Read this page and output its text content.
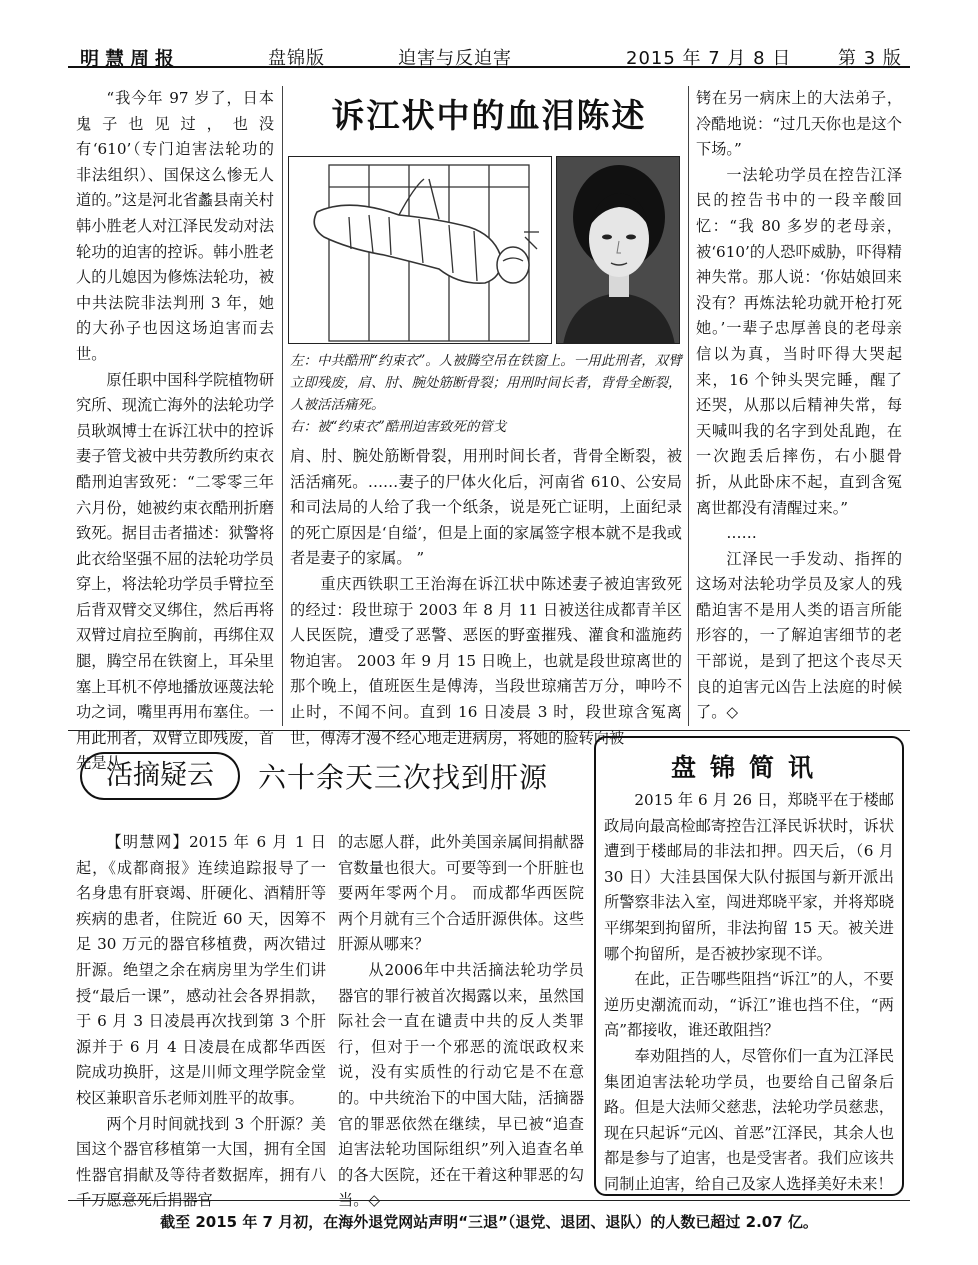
明慧周报	盘锦版	迫害与反迫害	2015 年 7 月 8 日	第 3 版

“我今年 97 岁了，日本鬼子也见过，也没有‘610’（专门迫害法轮功的非法组织）、国保这么惨无人道的。”这是河北省蠡县南关村韩小胜老人对江泽民发动对法轮功的迫害的控诉。韩小胜老人的儿媳因为修炼法轮功，被中共法院非法判刑 3 年，她的大孙子也因这场迫害而去世。

原任职中国科学院植物研究所、现流亡海外的法轮功学员耿飒博士在诉江状中的控诉妻子管戈被中共劳教所约束衣酷刑迫害致死：“二零零三年六月份，她被约束衣酷刑折磨致死。据目击者描述：狱警将此衣给坚强不屈的法轮功学员穿上，将法轮功学员手臂拉至后背双臂交叉绑住，然后再将双臂过肩拉至胸前，再绑住双腿，腾空吊在铁窗上，耳朵里塞上耳机不停地播放诬蔑法轮功之词，嘴里再用布塞住。一用此刑者，双臂立即残废，首先是从

诉江状中的血泪陈述

左：中共酷刑“约束衣”。人被腾空吊在铁窗上。一用此刑者，双臂立即残废，肩、肘、腕处筋断骨裂；用刑时间长者，背骨全断裂，人被活活痛死。

右：被“约束衣”酷刑迫害致死的管戈

肩、肘、腕处筋断骨裂，用刑时间长者，背骨全断裂，被活活痛死。……妻子的尸体火化后，河南省 610、公安局和司法局的人给了我一个纸条，说是死亡证明，上面纪录的死亡原因是‘自缢’，但是上面的家属签字根本就不是我或者是妻子的家属。 ”

重庆西铁职工王治海在诉江状中陈述妻子被迫害致死的经过：段世琼于 2003 年 8 月 11 日被送往成都青羊区人民医院，遭受了恶警、恶医的野蛮摧残、灌食和滥施药物迫害。 2003 年 9 月 15 日晚上，也就是段世琼离世的那个晚上，值班医生是傅涛，当段世琼痛苦万分，呻吟不止时，不闻不问。直到 16 日凌晨 3 时，段世琼含冤离世，傅涛才漫不经心地走进病房，将她的脸转向被

铐在另一病床上的大法弟子，冷酷地说：“过几天你也是这个下场。”

一法轮功学员在控告江泽民的控告书中的一段辛酸回忆：“我 80 多岁的老母亲，被‘610’的人恐吓威胁，吓得精神失常。那人说：‘你姑娘回来没有？再炼法轮功就开枪打死她。’一辈子忠厚善良的老母亲信以为真，当时吓得大哭起来，16 个钟头哭完睡，醒了还哭，从那以后精神失常，每天喊叫我的名字到处乱跑，在一次跑丢后摔伤，右小腿骨折，从此卧床不起，直到含冤离世都没有清醒过来。”

……

江泽民一手发动、指挥的这场对法轮功学员及家人的残酷迫害不是用人类的语言所能形容的，一了解迫害细节的老干部说，是到了把这个丧尽天良的迫害元凶告上法庭的时候了。◇

活摘疑云	六十余天三次找到肝源

【明慧网】2015 年 6 月 1 日起，《成都商报》连续追踪报导了一名身患有肝衰竭、肝硬化、酒精肝等疾病的患者，住院近 60 天，因筹不足 30 万元的器官移植费，两次错过肝源。绝望之余在病房里为学生们讲授“最后一课”，感动社会各界捐款，于 6 月 3 日凌晨再次找到第 3 个肝源并于 6 月 4 日凌晨在成都华西医院成功换肝，这是川师文理学院金堂校区兼职音乐老师刘胜平的故事。

两个月时间就找到 3 个肝源？美国这个器官移植第一大国，拥有全国性器官捐献及等待者数据库，拥有八千万愿意死后捐器官

的志愿人群，此外美国亲属间捐献器官数量也很大。可要等到一个肝脏也要两年零两个月。 而成都华西医院两个月就有三个合适肝源供体。这些肝源从哪来？

从2006年中共活摘法轮功学员器官的罪行被首次揭露以来，虽然国际社会一直在谴责中共的反人类罪行，但对于一个邪恶的流氓政权来说，没有实质性的行动它是不在意的。中共统治下的中国大陆，活摘器官的罪恶依然在继续，早已被“追查迫害法轮功国际组织”列入追查名单的各大医院，还在干着这种罪恶的勾当。◇

盘锦简讯

2015 年 6 月 26 日，郑晓平在于楼邮政局向最高检邮寄控告江泽民诉状时，诉状遭到于楼邮局的非法扣押。四天后，（6 月 30 日）大洼县国保大队付振国与新开派出所警察非法入室，闯进郑晓平家，并将郑晓平绑架到拘留所，非法拘留 15 天。被关进哪个拘留所，是否被抄家现不详。

在此，正告哪些阻挡“诉江”的人，不要逆历史潮流而动，“诉江”谁也挡不住，“两高”都接收，谁还敢阻挡？

奉劝阻挡的人，尽管你们一直为江泽民集团迫害法轮功学员，也要给自己留条后路。但是大法师父慈悲，法轮功学员慈悲，现在只起诉“元凶、首恶”江泽民，其余人也都是参与了迫害，也是受害者。我们应该共同制止迫害，给自己及家人选择美好未来！

截至 2015 年 7 月初，在海外退党网站声明“三退”（退党、退团、退队）的人数已超过 2.07 亿。
